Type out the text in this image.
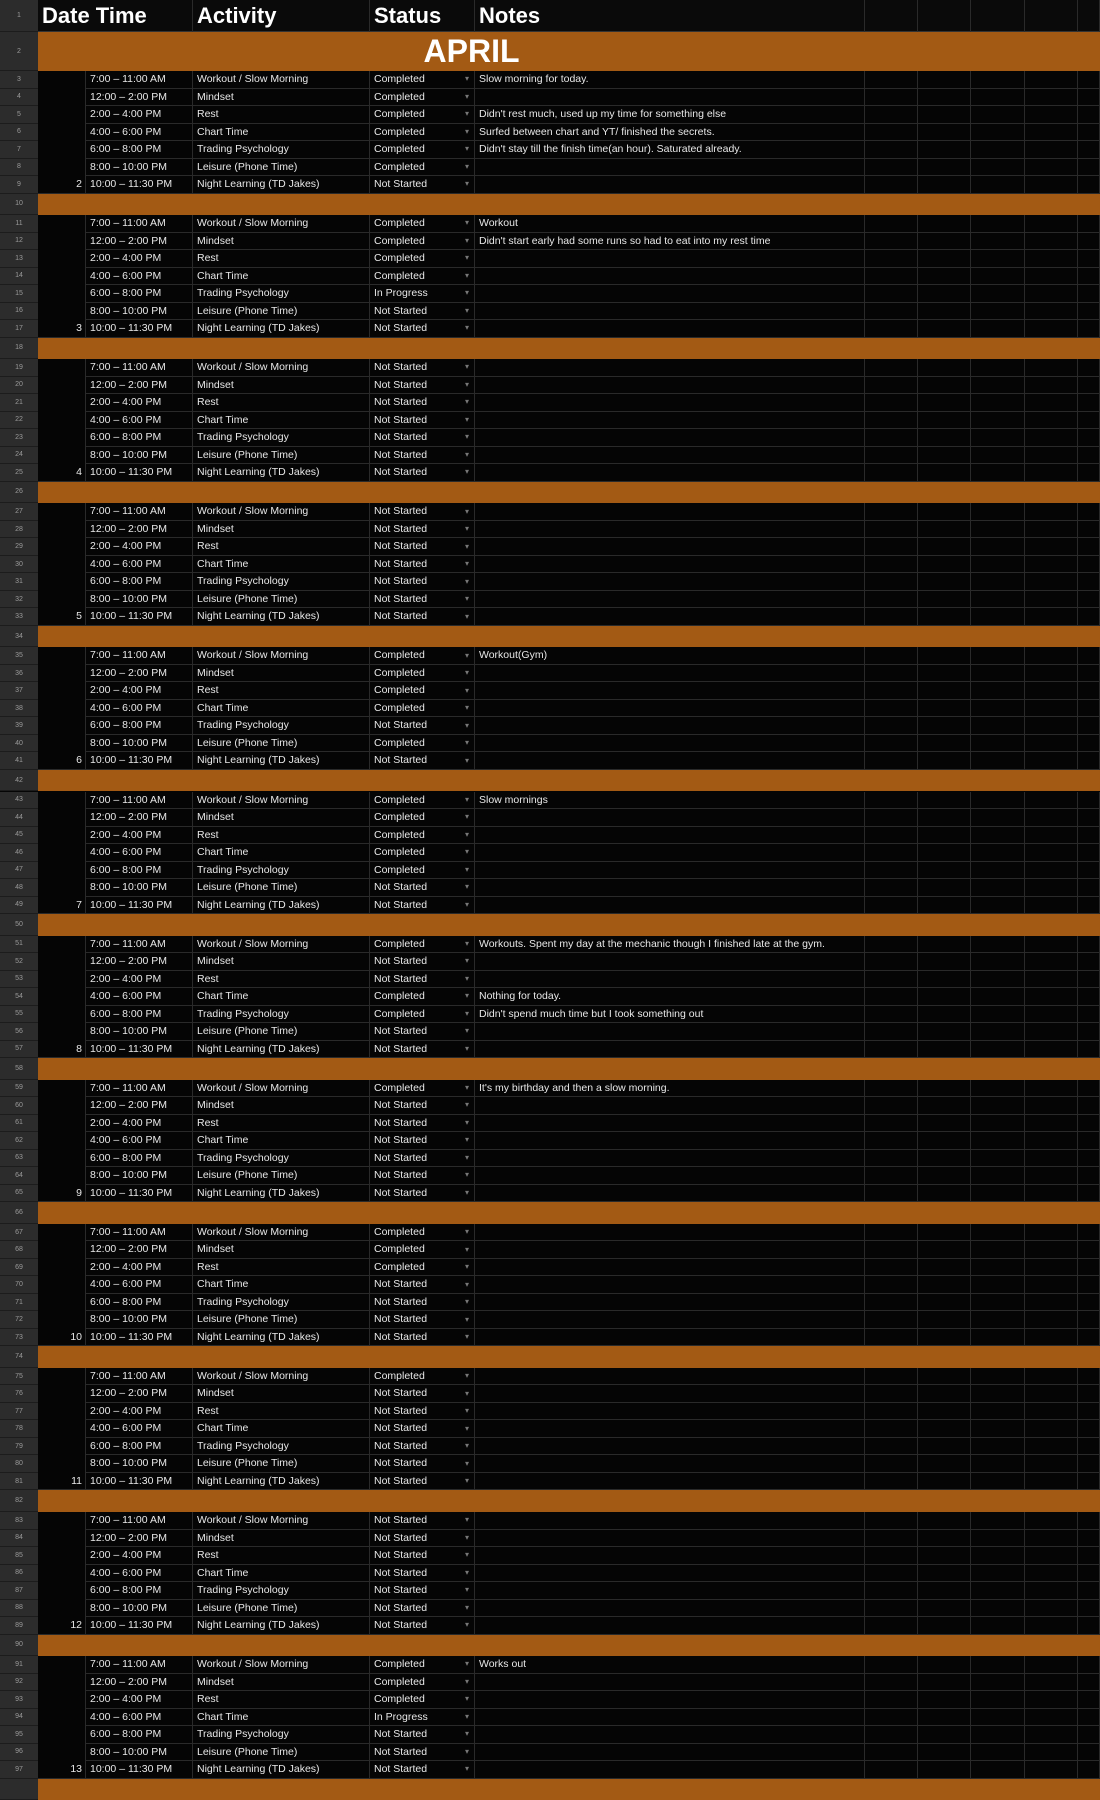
1 Date Time	Activity	Status	Notes
2	APRIL
3	7:00 – 11:00 AM	Workout / Slow Morning	Completed	▾ Slow morning for today.
4	12:00 – 2:00 PM	Mindset	Completed	▾
5	2:00 – 4:00 PM	Rest	Completed	▾ Didn't rest much, used up my time for something else
6	4:00 – 6:00 PM	Chart Time	Completed	▾ Surfed between chart and YT/ finished the secrets.
7	6:00 – 8:00 PM	Trading Psychology	Completed	▾ Didn't stay till the finish time(an hour). Saturated already.
8	8:00 – 10:00 PM	Leisure (Phone Time)	Completed	▾
9	2 10:00 – 11:30 PM	Night Learning (TD Jakes)	Not Started	▾
10
11	7:00 – 11:00 AM	Workout / Slow Morning	Completed	▾ Workout
12	12:00 – 2:00 PM	Mindset	Completed	▾ Didn't start early had some runs so had to eat into my rest time
13	2:00 – 4:00 PM	Rest	Completed	▾
14	4:00 – 6:00 PM	Chart Time	Completed	▾
15	6:00 – 8:00 PM	Trading Psychology	In Progress	▾
16	8:00 – 10:00 PM	Leisure (Phone Time)	Not Started	▾
17	3 10:00 – 11:30 PM	Night Learning (TD Jakes)	Not Started	▾
18
19	7:00 – 11:00 AM	Workout / Slow Morning	Not Started	▾
20	12:00 – 2:00 PM	Mindset	Not Started	▾
21	2:00 – 4:00 PM	Rest	Not Started	▾
22	4:00 – 6:00 PM	Chart Time	Not Started	▾
23	6:00 – 8:00 PM	Trading Psychology	Not Started	▾
24	8:00 – 10:00 PM	Leisure (Phone Time)	Not Started	▾
25	4 10:00 – 11:30 PM	Night Learning (TD Jakes)	Not Started	▾
26
27	7:00 – 11:00 AM	Workout / Slow Morning	Not Started	▾
28	12:00 – 2:00 PM	Mindset	Not Started	▾
29	2:00 – 4:00 PM	Rest	Not Started	▾
30	4:00 – 6:00 PM	Chart Time	Not Started	▾
31	6:00 – 8:00 PM	Trading Psychology	Not Started	▾
32	8:00 – 10:00 PM	Leisure (Phone Time)	Not Started	▾
33	5 10:00 – 11:30 PM	Night Learning (TD Jakes)	Not Started	▾
34
35	7:00 – 11:00 AM	Workout / Slow Morning	Completed	▾ Workout(Gym)
36	12:00 – 2:00 PM	Mindset	Completed	▾
37	2:00 – 4:00 PM	Rest	Completed	▾
38	4:00 – 6:00 PM	Chart Time	Completed	▾
39	6:00 – 8:00 PM	Trading Psychology	Not Started	▾
40	8:00 – 10:00 PM	Leisure (Phone Time)	Completed	▾
41	6 10:00 – 11:30 PM	Night Learning (TD Jakes)	Not Started	▾
42
43	7:00 – 11:00 AM	Workout / Slow Morning	Completed	▾ Slow mornings
44	12:00 – 2:00 PM	Mindset	Completed	▾
45	2:00 – 4:00 PM	Rest	Completed	▾
46	4:00 – 6:00 PM	Chart Time	Completed	▾
47	6:00 – 8:00 PM	Trading Psychology	Completed	▾
48	8:00 – 10:00 PM	Leisure (Phone Time)	Not Started	▾
49	7 10:00 – 11:30 PM	Night Learning (TD Jakes)	Not Started	▾
50
51	7:00 – 11:00 AM	Workout / Slow Morning	Completed	▾ Workouts. Spent my day at the mechanic though I finished late at the gym.
52	12:00 – 2:00 PM	Mindset	Not Started	▾
53	2:00 – 4:00 PM	Rest	Not Started	▾
54	4:00 – 6:00 PM	Chart Time	Completed	▾ Nothing for today.
55	6:00 – 8:00 PM	Trading Psychology	Completed	▾ Didn't spend much time but I took something out
56	8:00 – 10:00 PM	Leisure (Phone Time)	Not Started	▾
57	8 10:00 – 11:30 PM	Night Learning (TD Jakes)	Not Started	▾
58
59	7:00 – 11:00 AM	Workout / Slow Morning	Completed	▾ It's my birthday and then a slow morning.
60	12:00 – 2:00 PM	Mindset	Not Started	▾
61	2:00 – 4:00 PM	Rest	Not Started	▾
62	4:00 – 6:00 PM	Chart Time	Not Started	▾
63	6:00 – 8:00 PM	Trading Psychology	Not Started	▾
64	8:00 – 10:00 PM	Leisure (Phone Time)	Not Started	▾
65	9 10:00 – 11:30 PM	Night Learning (TD Jakes)	Not Started	▾
66
67	7:00 – 11:00 AM	Workout / Slow Morning	Completed	▾
68	12:00 – 2:00 PM	Mindset	Completed	▾
69	2:00 – 4:00 PM	Rest	Completed	▾
70	4:00 – 6:00 PM	Chart Time	Not Started	▾
71	6:00 – 8:00 PM	Trading Psychology	Not Started	▾
72	8:00 – 10:00 PM	Leisure (Phone Time)	Not Started	▾
73	10 10:00 – 11:30 PM	Night Learning (TD Jakes)	Not Started	▾
74
75	7:00 – 11:00 AM	Workout / Slow Morning	Completed	▾
76	12:00 – 2:00 PM	Mindset	Not Started	▾
77	2:00 – 4:00 PM	Rest	Not Started	▾
78	4:00 – 6:00 PM	Chart Time	Not Started	▾
79	6:00 – 8:00 PM	Trading Psychology	Not Started	▾
80	8:00 – 10:00 PM	Leisure (Phone Time)	Not Started	▾
81	11 10:00 – 11:30 PM	Night Learning (TD Jakes)	Not Started	▾
82
83	7:00 – 11:00 AM	Workout / Slow Morning	Not Started	▾
84	12:00 – 2:00 PM	Mindset	Not Started	▾
85	2:00 – 4:00 PM	Rest	Not Started	▾
86	4:00 – 6:00 PM	Chart Time	Not Started	▾
87	6:00 – 8:00 PM	Trading Psychology	Not Started	▾
88	8:00 – 10:00 PM	Leisure (Phone Time)	Not Started	▾
89	12 10:00 – 11:30 PM	Night Learning (TD Jakes)	Not Started	▾
90
91	7:00 – 11:00 AM	Workout / Slow Morning	Completed	▾ Works out
92	12:00 – 2:00 PM	Mindset	Completed	▾
93	2:00 – 4:00 PM	Rest	Completed	▾
94	4:00 – 6:00 PM	Chart Time	In Progress	▾
95	6:00 – 8:00 PM	Trading Psychology	Not Started	▾
96	8:00 – 10:00 PM	Leisure (Phone Time)	Not Started	▾
97	13 10:00 – 11:30 PM	Night Learning (TD Jakes)	Not Started	▾
